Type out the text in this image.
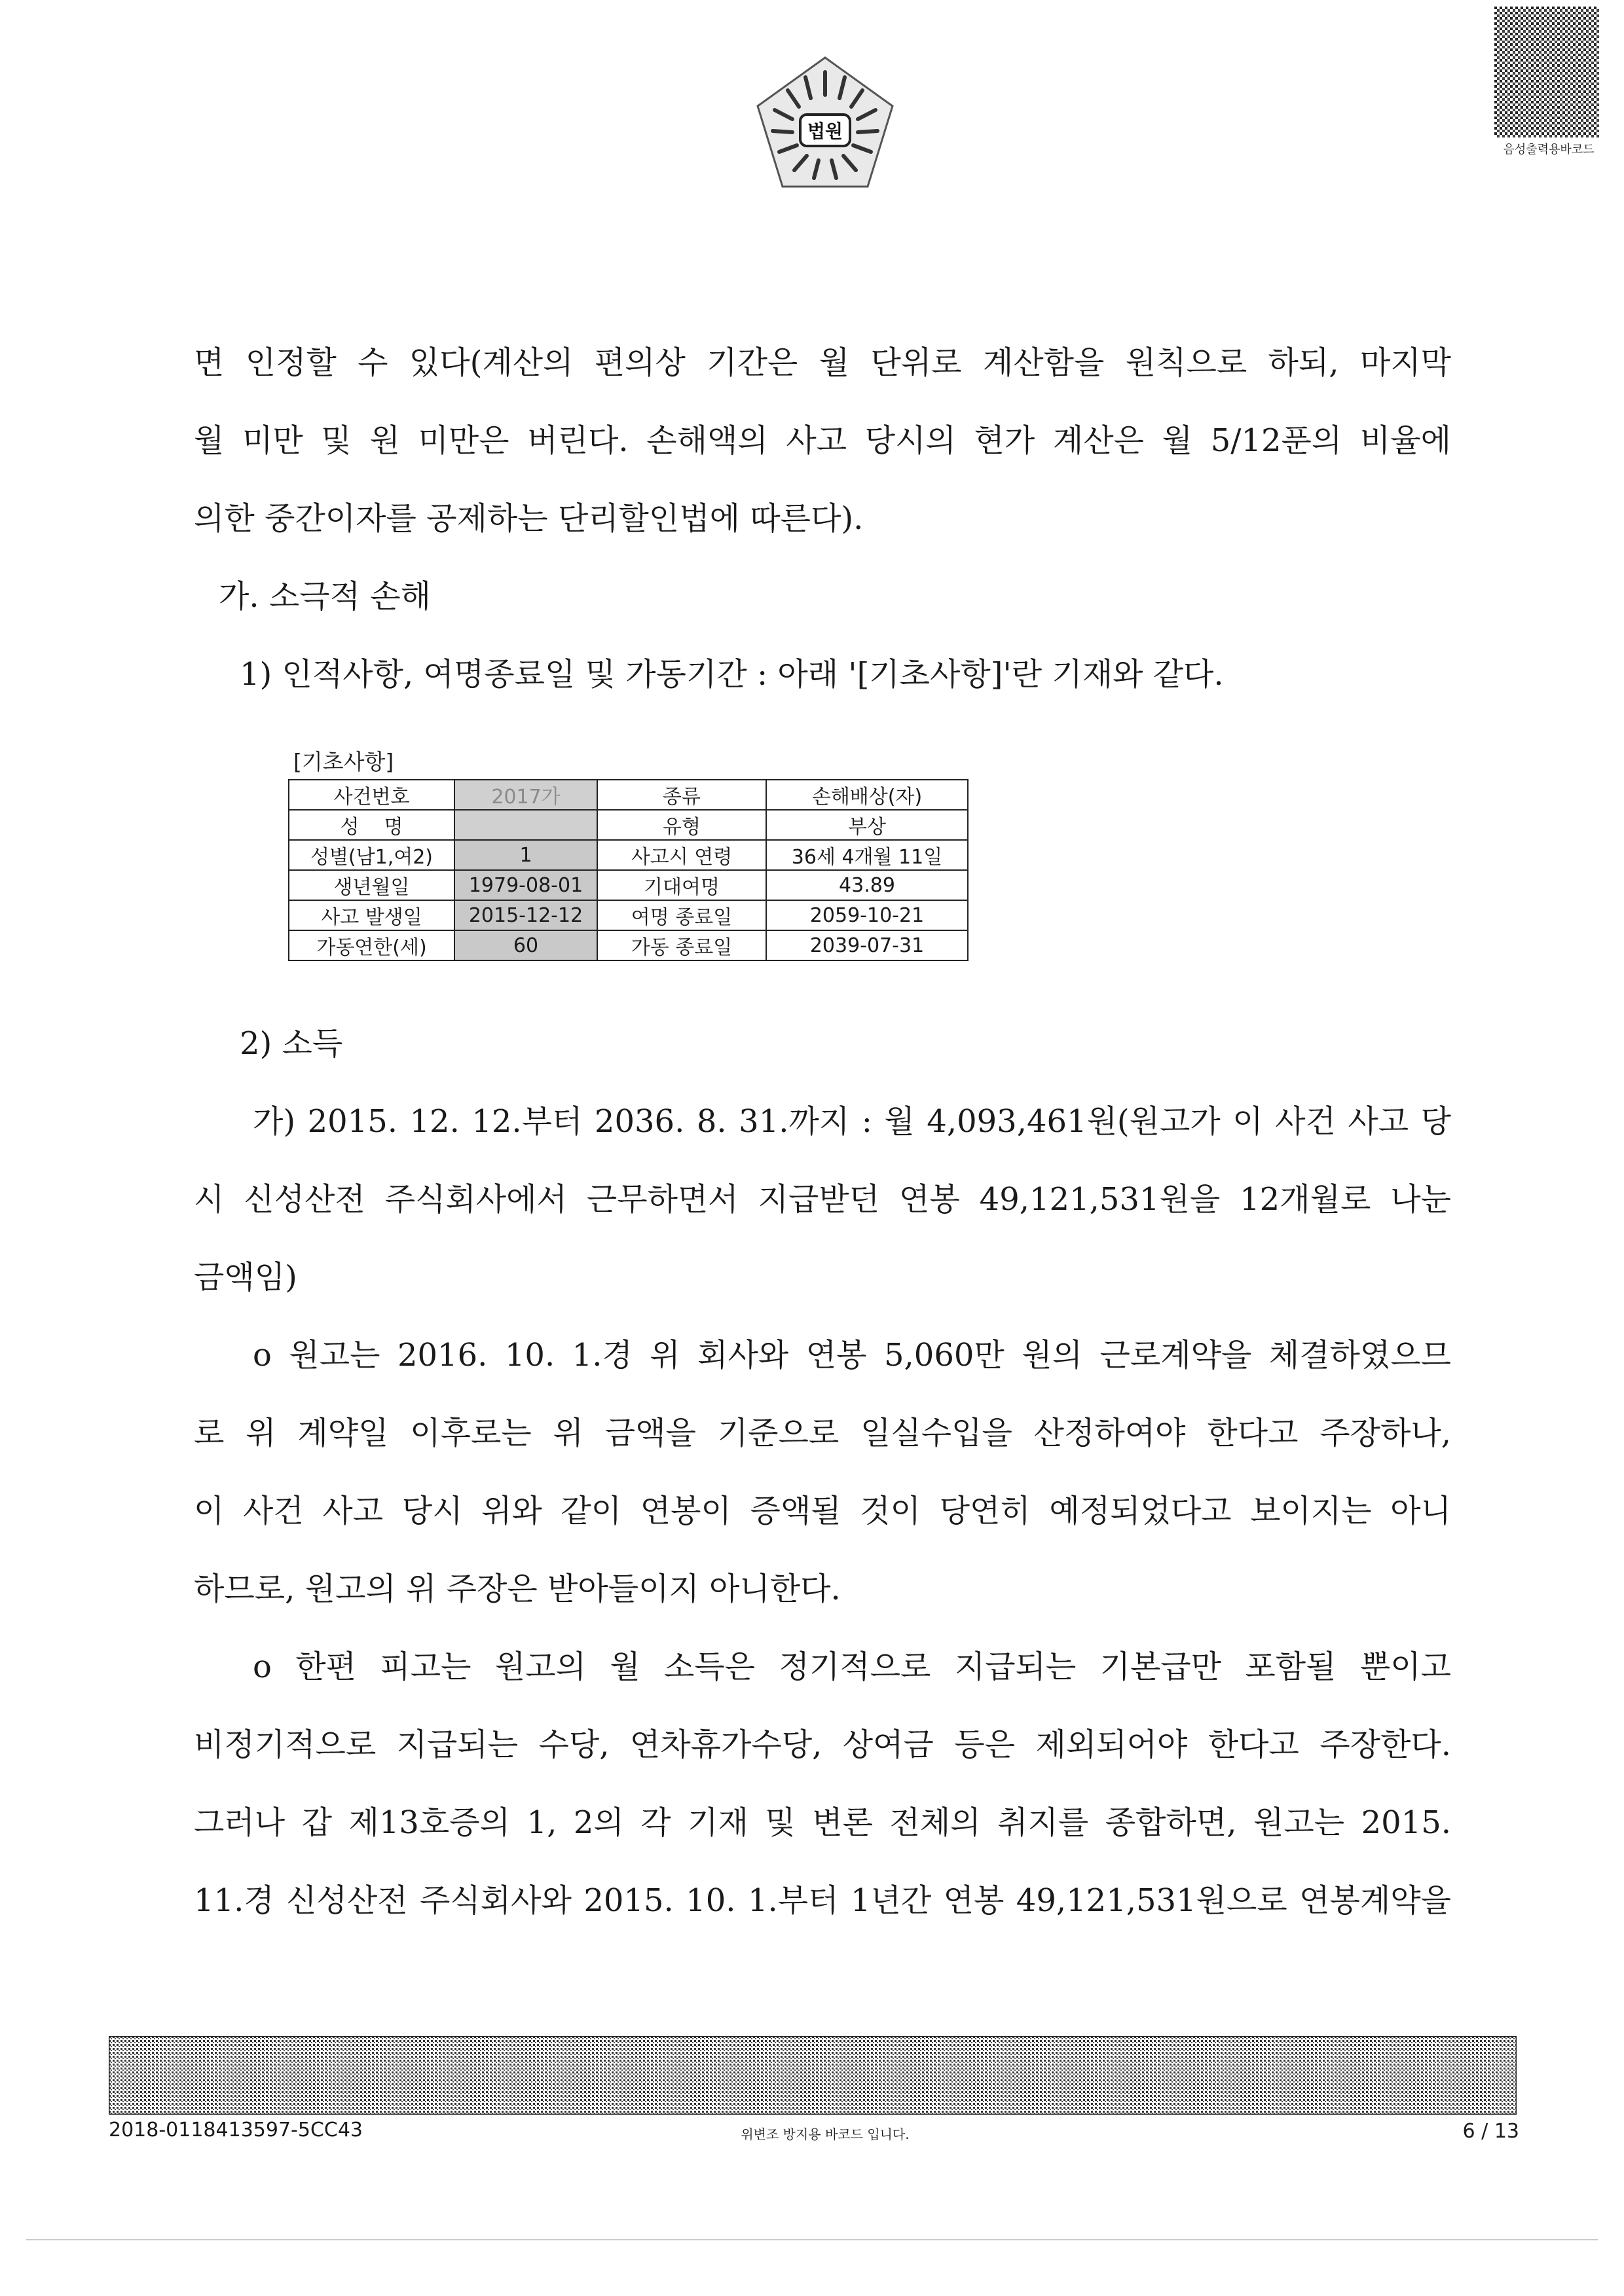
법원
음성출력용바코드

면 인정할 수 있다(계산의 편의상 기간은 월 단위로 계산함을 원칙으로 하되, 마지막

월 미만 및 원 미만은 버린다. 손해액의 사고 당시의 현가 계산은 월 5/12푼의 비율에

의한 중간이자를 공제하는 단리할인법에 따른다).

가. 소극적 손해

1) 인적사항, 여명종료일 및 가동기간 : 아래 '[기초사항]'란 기재와 같다.

[기초사항]
사건번호	2017가	종류	손해배상(자)
성    명		유형	부상
성별(남1,여2)	1	사고시 연령	36세 4개월 11일
생년월일	1979-08-01	기대여명	43.89
사고 발생일	2015-12-12	여명 종료일	2059-10-21
가동연한(세)	60	가동 종료일	2039-07-31

2) 소득

가) 2015. 12. 12.부터 2036. 8. 31.까지 : 월 4,093,461원(원고가 이 사건 사고 당

시 신성산전 주식회사에서 근무하면서 지급받던 연봉 49,121,531원을 12개월로 나눈

금액임)

o 원고는 2016. 10. 1.경 위 회사와 연봉 5,060만 원의 근로계약을 체결하였으므

로 위 계약일 이후로는 위 금액을 기준으로 일실수입을 산정하여야 한다고 주장하나,

이 사건 사고 당시 위와 같이 연봉이 증액될 것이 당연히 예정되었다고 보이지는 아니

하므로, 원고의 위 주장은 받아들이지 아니한다.

o 한편 피고는 원고의 월 소득은 정기적으로 지급되는 기본급만 포함될 뿐이고

비정기적으로 지급되는 수당, 연차휴가수당, 상여금 등은 제외되어야 한다고 주장한다.

그러나 갑 제13호증의 1, 2의 각 기재 및 변론 전체의 취지를 종합하면, 원고는 2015.

11.경 신성산전 주식회사와 2015. 10. 1.부터 1년간 연봉 49,121,531원으로 연봉계약을

2018-0118413597-5CC43	위변조 방지용 바코드 입니다.	6 / 13
